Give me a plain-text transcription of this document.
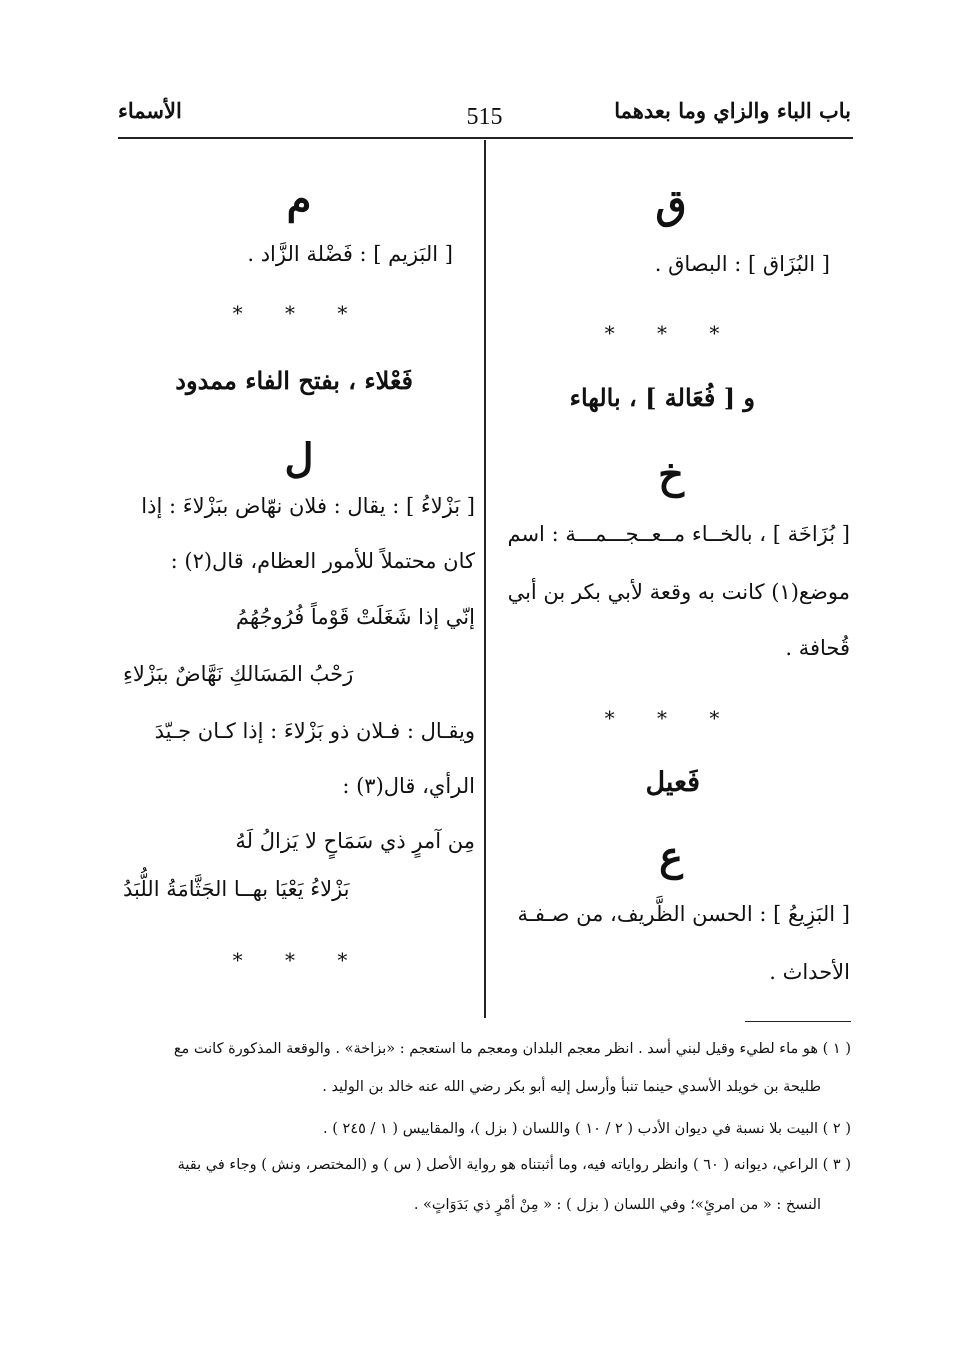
باب الباء والزاي وما بعدهما
515
الأسماء
ق
[ البُزَاق ] : البصاق .
* * *
و [ فُعَالة ] ، بالهاء
خ
[ بُزَاخَة ] ، بالخــاء مــعــجـــمـــة : اسم
موضع(١) كانت به وقعة لأبي بكر بن أبي
قُحافة .
* * *
فَعيل
ع
[ البَزِيعُ ] : الحسن الظَّريف، من صـفـة
الأحداث .
م
[ البَزيم ] : فَضْلة الزَّاد .
* * *
فَعْلاء ، بفتح الفاء ممدود
ل
[ بَزْلاءُ ] : يقال : فلان نهّاض ببَزْلاءَ : إذا
كان محتملاً للأمور العظام، قال(٢) :
إنّي إذا شَغَلَتْ قَوْماً فُرُوجُهُمُ
رَحْبُ المَسَالكِ نَهَّاضٌ ببَزْلاءِ
ويقـال : فـلان ذو بَزْلاءَ : إذا كـان جـيّدَ
الرأي، قال(٣) :
مِن آمرٍ ذي سَمَاحٍ لا يَزالُ لَهُ
بَزْلاءُ يَعْيَا بهــا الجَثَّامَةُ اللُّبَدُ
* * *
( ١ ) هو ماء لطيء وقيل لبني أسد . انظر معجم البلدان ومعجم ما استعجم : «بزاخة» . والوقعة المذكورة كانت مع
طليحة بن خويلد الأسدي حينما تنبأ وأرسل إليه أبو بكر رضي الله عنه خالد بن الوليد .
( ٢ ) البيت بلا نسبة في ديوان الأدب ( ٢ / ١٠ ) واللسان ( بزل )، والمقاييس ( ١ / ٢٤٥ ) .
( ٣ ) الراعي، ديوانه ( ٦٠ ) وانظر رواياته فيه، وما أثبتناه هو رواية الأصل ( س ) و (المختصر، ونش ) وجاء في بقية
النسخ : « من امرئٍ»؛ وفي اللسان ( بزل ) : « مِنْ أمْرٍ ذي بَدَوَاتٍ» .
